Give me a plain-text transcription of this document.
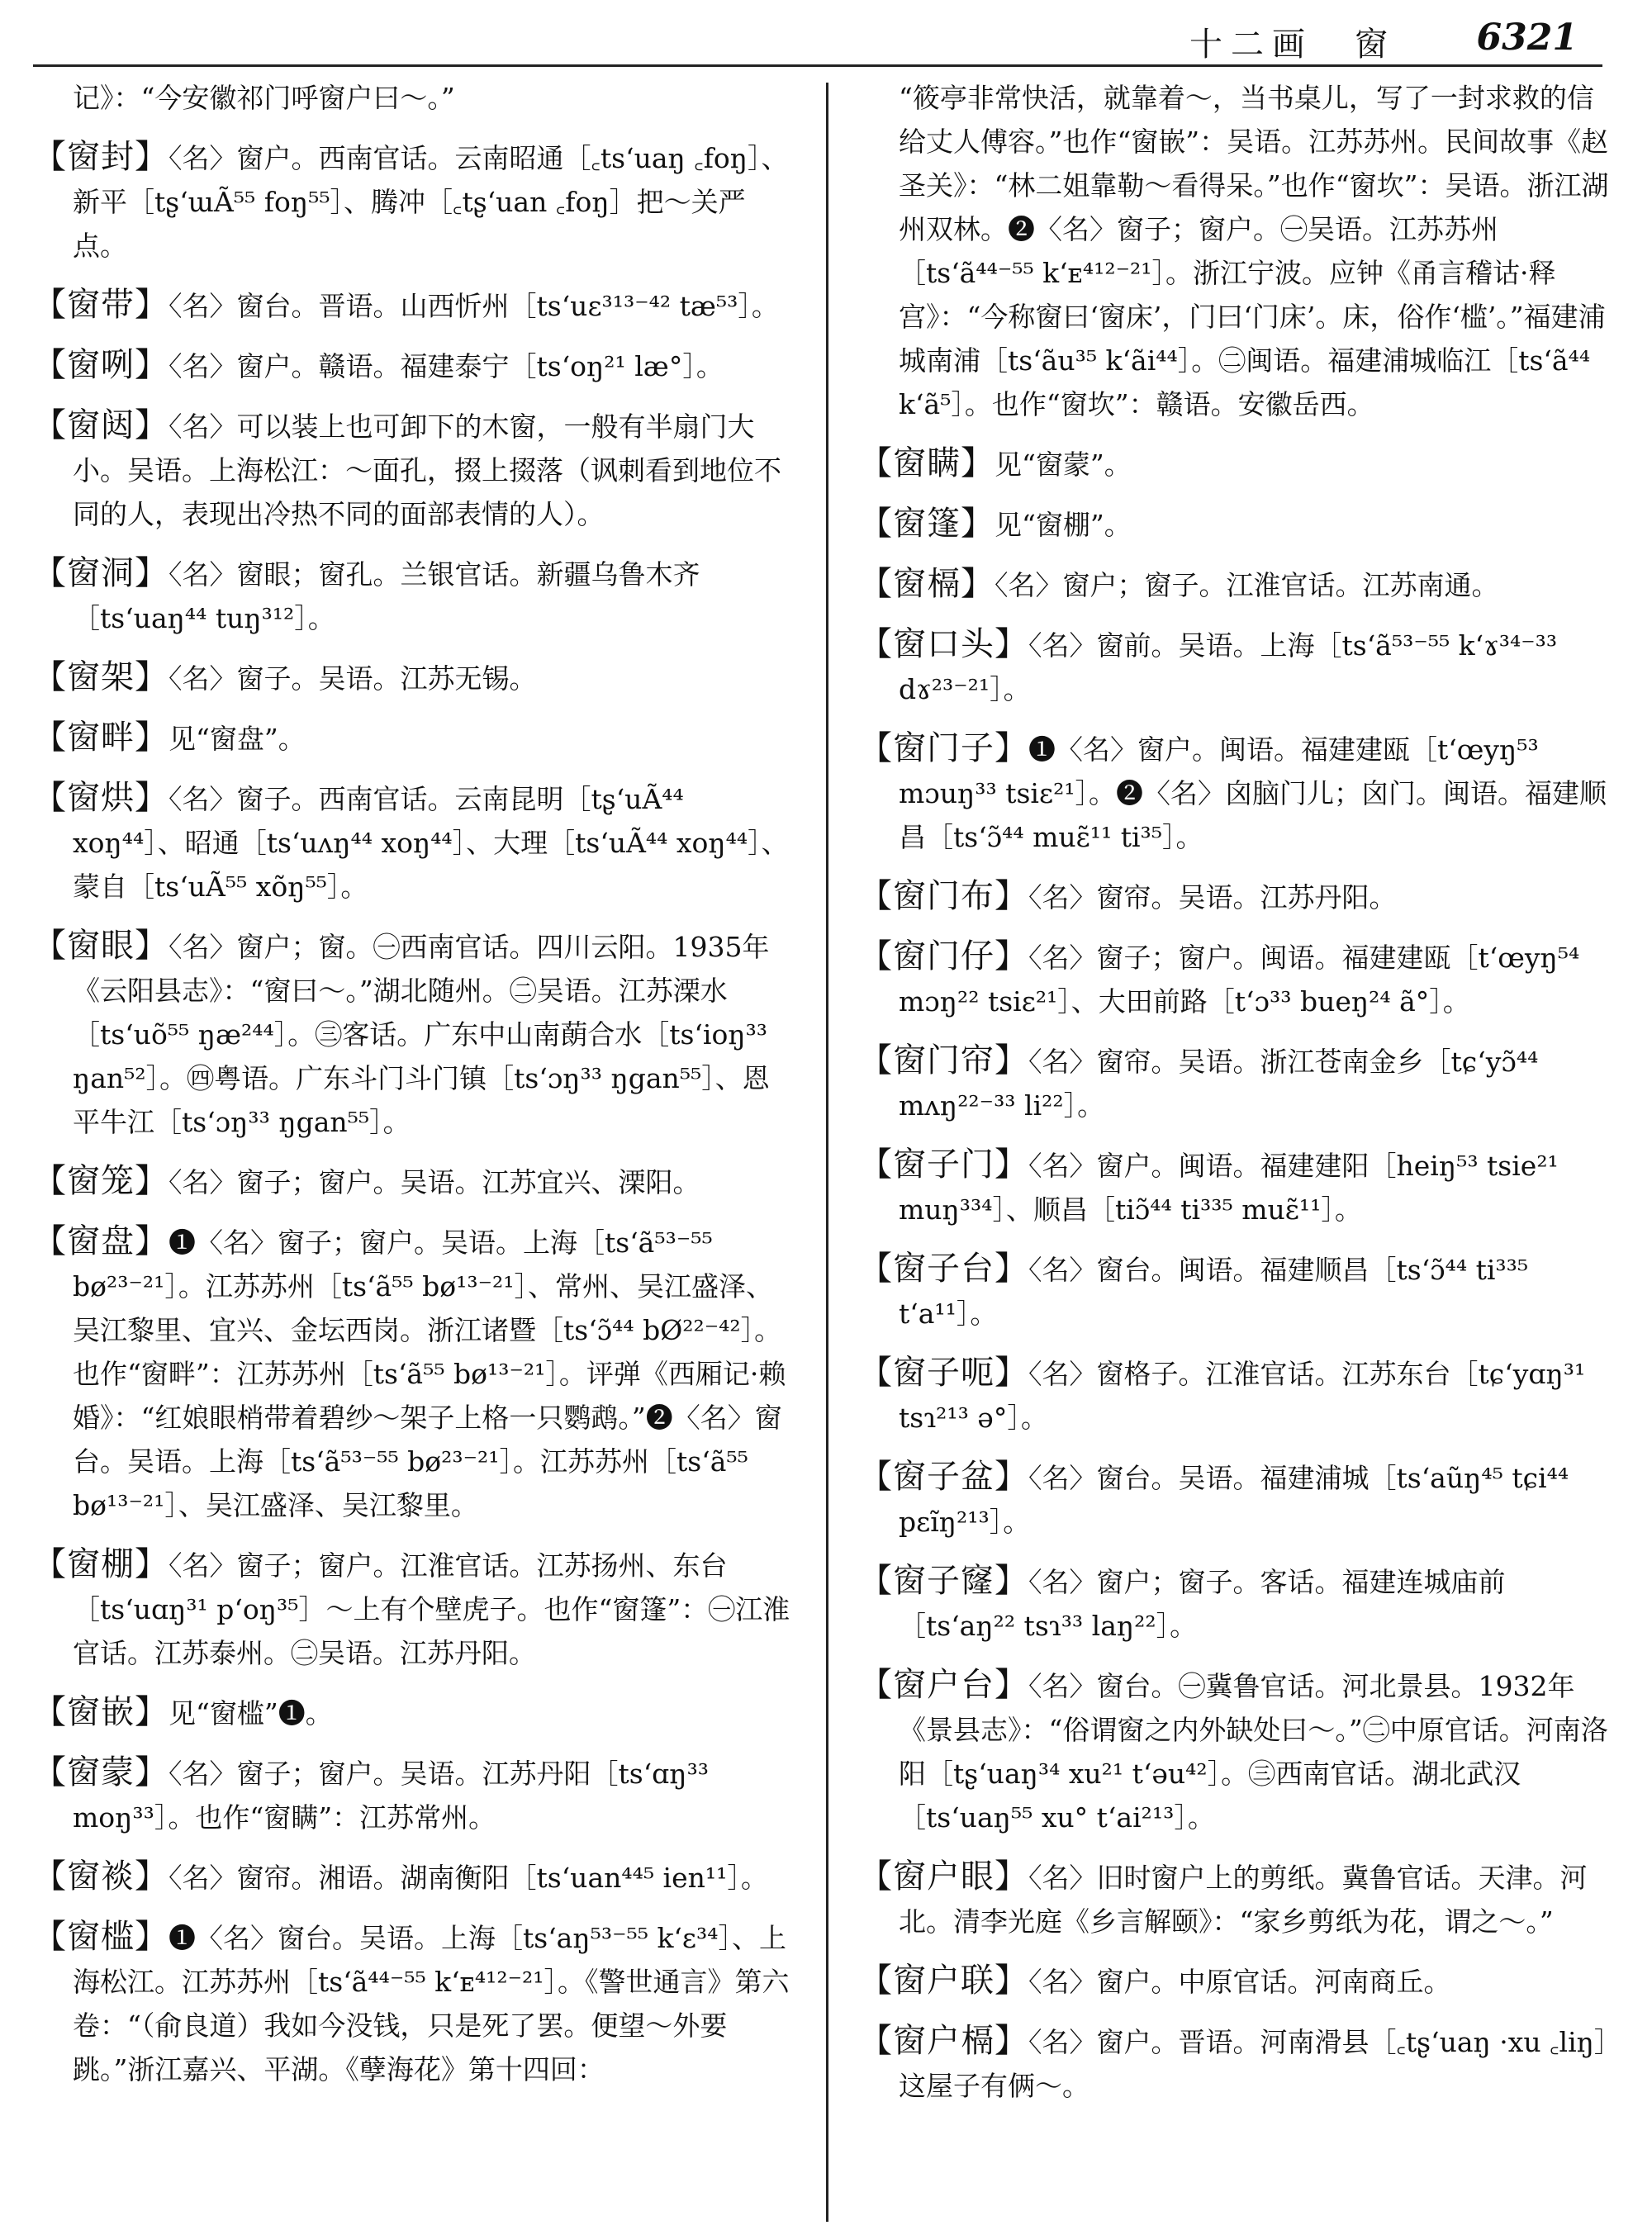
十二画　窗 6321

记》：“今安徽祁门呼窗户曰～。”

【窗封】〈名〉窗户。西南官话。云南昭通［꜀tsʻuaŋ ꜀foŋ］、新平［tʂʻɯÃ⁵⁵ foŋ⁵⁵］、腾冲［꜀tʂʻuan ꜀foŋ］把～关严点。

【窗带】〈名〉窗台。晋语。山西忻州［tsʻuɛ³¹³⁻⁴² tæ⁵³］。

【窗咧】〈名〉窗户。赣语。福建泰宁［tsʻoŋ²¹ læ°］。

【窗闼】〈名〉可以装上也可卸下的木窗，一般有半扇门大小。吴语。上海松江：～面孔，掇上掇落（讽刺看到地位不同的人，表现出冷热不同的面部表情的人）。

【窗洞】〈名〉窗眼；窗孔。兰银官话。新疆乌鲁木齐［tsʻuaŋ⁴⁴ tuŋ³¹²］。

【窗架】〈名〉窗子。吴语。江苏无锡。

【窗畔】见“窗盘”。

【窗烘】〈名〉窗子。西南官话。云南昆明［tʂʻuÃ⁴⁴ xoŋ⁴⁴］、昭通［tsʻuʌŋ⁴⁴ xoŋ⁴⁴］、大理［tsʻuÃ⁴⁴ xoŋ⁴⁴］、蒙自［tsʻuÃ⁵⁵ xõŋ⁵⁵］。

【窗眼】〈名〉窗户；窗。㊀西南官话。四川云阳。1935年《云阳县志》：“窗曰～。”湖北随州。㊁吴语。江苏溧水［tsʻuõ⁵⁵ ŋæ²⁴⁴］。㊂客话。广东中山南蓢合水［tsʻioŋ³³ ŋan⁵²］。㊃粤语。广东斗门斗门镇［tsʻɔŋ³³ ŋgan⁵⁵］、恩平牛江［tsʻɔŋ³³ ŋgan⁵⁵］。

【窗笼】〈名〉窗子；窗户。吴语。江苏宜兴、溧阳。

【窗盘】❶〈名〉窗子；窗户。吴语。上海［tsʻã⁵³⁻⁵⁵ bø²³⁻²¹］。江苏苏州［tsʻã⁵⁵ bø¹³⁻²¹］、常州、吴江盛泽、吴江黎里、宜兴、金坛西岗。浙江诸暨［tsʻɔ̃⁴⁴ bØ²²⁻⁴²］。也作“窗畔”：江苏苏州［tsʻã⁵⁵ bø¹³⁻²¹］。评弹《西厢记·赖婚》：“红娘眼梢带着碧纱～架子上格一只鹦鹉。”❷〈名〉窗台。吴语。上海［tsʻã⁵³⁻⁵⁵ bø²³⁻²¹］。江苏苏州［tsʻã⁵⁵ bø¹³⁻²¹］、吴江盛泽、吴江黎里。

【窗棚】〈名〉窗子；窗户。江淮官话。江苏扬州、东台［tsʻuɑŋ³¹ pʻoŋ³⁵］～上有个壁虎子。也作“窗篷”：㊀江淮官话。江苏泰州。㊁吴语。江苏丹阳。

【窗嵌】见“窗槛”❶。

【窗蒙】〈名〉窗子；窗户。吴语。江苏丹阳［tsʻɑŋ³³ moŋ³³］。也作“窗瞒”：江苏常州。

【窗裧】〈名〉窗帘。湘语。湖南衡阳［tsʻuan⁴⁴⁵ ien¹¹］。

【窗槛】❶〈名〉窗台。吴语。上海［tsʻaŋ⁵³⁻⁵⁵ kʻɛ³⁴］、上海松江。江苏苏州［tsʻã⁴⁴⁻⁵⁵ kʻᴇ⁴¹²⁻²¹］。《警世通言》第六卷：“（俞良道）我如今没钱，只是死了罢。便望～外要跳。”浙江嘉兴、平湖。《孽海花》第十四回：

“筱亭非常快活，就靠着～，当书桌儿，写了一封求救的信给丈人傅容。”也作“窗嵌”：吴语。江苏苏州。民间故事《赵圣关》：“林二姐靠勒～看得呆。”也作“窗坎”：吴语。浙江湖州双林。❷〈名〉窗子；窗户。㊀吴语。江苏苏州［tsʻã⁴⁴⁻⁵⁵ kʻᴇ⁴¹²⁻²¹］。浙江宁波。应钟《甬言稽诂·释宫》：“今称窗曰‘窗床’，门曰‘门床’。床，俗作‘槛’。”福建浦城南浦［tsʻãu³⁵ kʻãi⁴⁴］。㊁闽语。福建浦城临江［tsʻã⁴⁴ kʻã⁵］。也作“窗坎”：赣语。安徽岳西。

【窗瞒】见“窗蒙”。

【窗篷】见“窗棚”。

【窗槅】〈名〉窗户；窗子。江淮官话。江苏南通。

【窗口头】〈名〉窗前。吴语。上海［tsʻã⁵³⁻⁵⁵ kʻɤ³⁴⁻³³ dɤ²³⁻²¹］。

【窗门子】❶〈名〉窗户。闽语。福建建瓯［tʻœyŋ⁵³ mɔuŋ³³ tsiɛ²¹］。❷〈名〉囟脑门儿；囟门。闽语。福建顺昌［tsʻɔ̃⁴⁴ muɛ̃¹¹ ti³⁵］。

【窗门布】〈名〉窗帘。吴语。江苏丹阳。

【窗门仔】〈名〉窗子；窗户。闽语。福建建瓯［tʻœyŋ⁵⁴ mɔŋ²² tsiɛ²¹］、大田前路［tʻɔ³³ bueŋ²⁴ ã°］。

【窗门帘】〈名〉窗帘。吴语。浙江苍南金乡［tɕʻyɔ̃⁴⁴ mʌŋ²²⁻³³ li²²］。

【窗子门】〈名〉窗户。闽语。福建建阳［heiŋ⁵³ tsie²¹ muŋ³³⁴］、顺昌［tiɔ̃⁴⁴ ti³³⁵ muɛ̃¹¹］。

【窗子台】〈名〉窗台。闽语。福建顺昌［tsʻɔ̃⁴⁴ ti³³⁵ tʻa¹¹］。

【窗子呃】〈名〉窗格子。江淮官话。江苏东台［tɕʻyɑŋ³¹ tsɿ²¹³ ə°］。

【窗子盆】〈名〉窗台。吴语。福建浦城［tsʻaũŋ⁴⁵ tɕi⁴⁴ pɛĩŋ²¹³］。

【窗子窿】〈名〉窗户；窗子。客话。福建连城庙前［tsʻaŋ²² tsɿ³³ laŋ²²］。

【窗户台】〈名〉窗台。㊀冀鲁官话。河北景县。1932年《景县志》：“俗谓窗之内外缺处曰～。”㊁中原官话。河南洛阳［tʂʻuaŋ³⁴ xu²¹ tʻəu⁴²］。㊂西南官话。湖北武汉［tsʻuaŋ⁵⁵ xu° tʻai²¹³］。

【窗户眼】〈名〉旧时窗户上的剪纸。冀鲁官话。天津。河北。清李光庭《乡言解颐》：“家乡剪纸为花，谓之～。”

【窗户联】〈名〉窗户。中原官话。河南商丘。

【窗户槅】〈名〉窗户。晋语。河南滑县［꜀tʂʻuaŋ ·xu ꜀liŋ］这屋子有俩～。
